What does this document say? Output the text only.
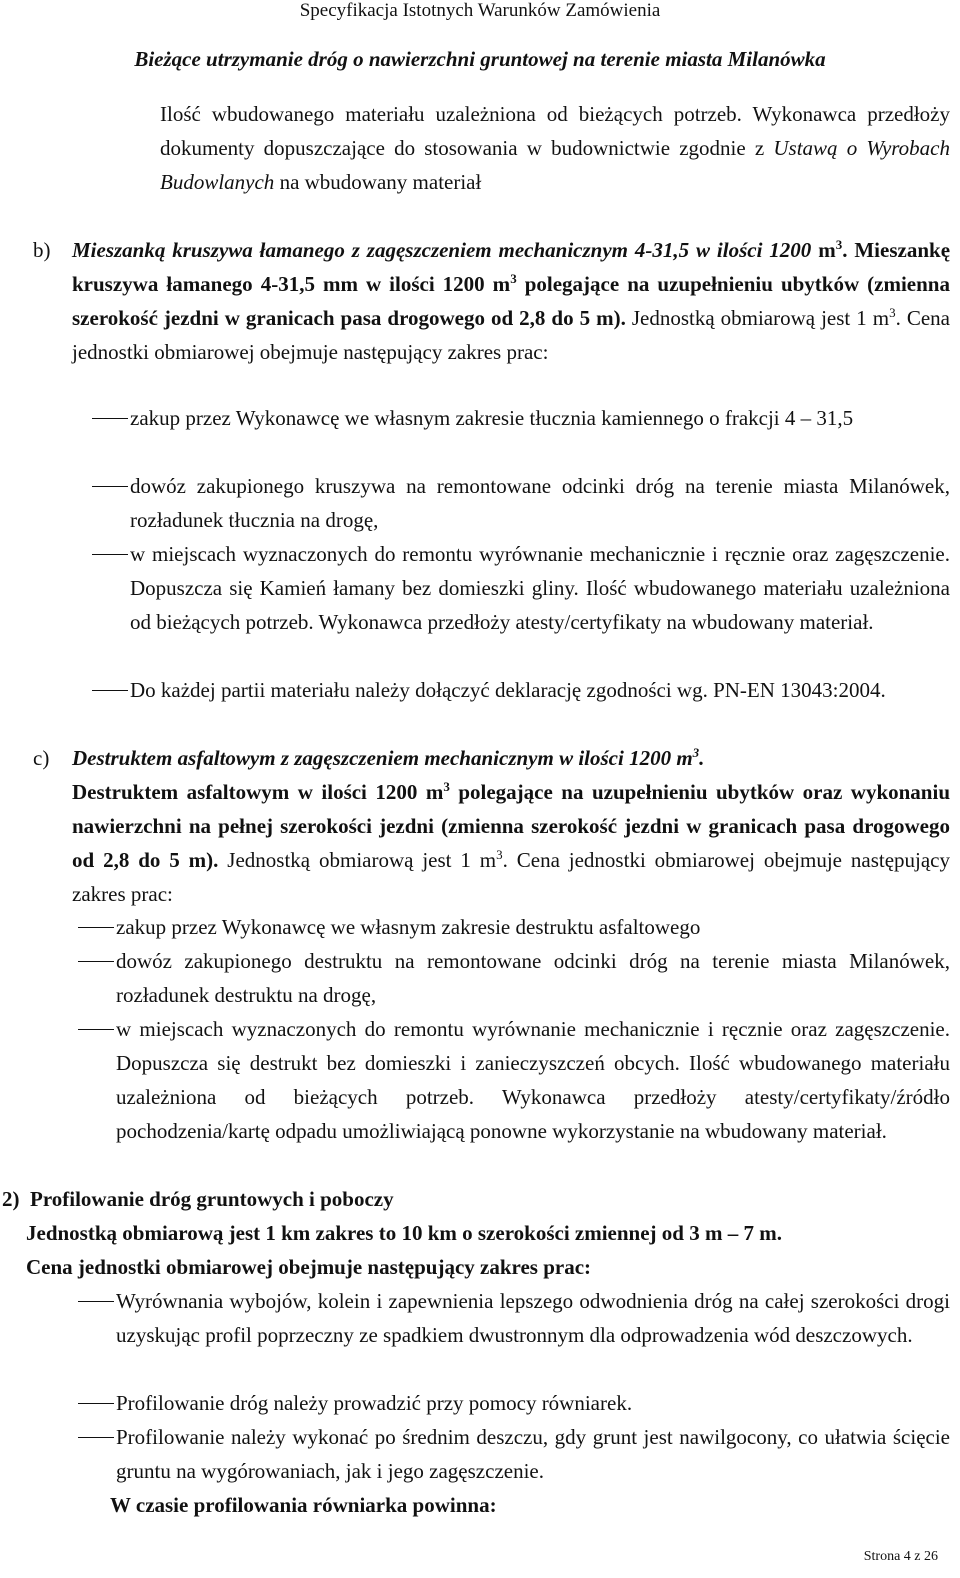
Specyfikacja Istotnych Warunków Zamówienia
Bieżące utrzymanie dróg o nawierzchni gruntowej na terenie miasta Milanówka

Ilość wbudowanego materiału uzależniona od bieżących potrzeb. Wykonawca przedłoży dokumenty dopuszczające do stosowania w budownictwie zgodnie z Ustawą o Wyrobach Budowlanych na wbudowany materiał

b) Mieszanką kruszywa łamanego z zagęszczeniem mechanicznym 4-31,5 w ilości 1200 $m^3$. Mieszankę kruszywa łamanego 4-31,5 mm w ilości 1200 $m^3$ polegające na uzupełnieniu ubytków (zmienna szerokość jezdni w granicach pasa drogowego od 2,8 do 5 m). Jednostką obmiarową jest 1 $m^3$. Cena jednostki obmiarowej obejmuje następujący zakres prac:

zakup przez Wykonawcę we własnym zakresie tłucznia kamiennego o frakcji 4 – 31,5

dowóz zakupionego kruszywa na remontowane odcinki dróg na terenie miasta Milanówek, rozładunek tłucznia na drogę,

w miejscach wyznaczonych do remontu wyrównanie mechanicznie i ręcznie oraz zagęszczenie. Dopuszcza się Kamień łamany bez domieszki gliny. Ilość wbudowanego materiału uzależniona od bieżących potrzeb. Wykonawca przedłoży atesty/certyfikaty na wbudowany materiał.

Do każdej partii materiału należy dołączyć deklarację zgodności wg. PN-EN 13043:2004.

c) Destruktem asfaltowym z zagęszczeniem mechanicznym w ilości 1200 $m^3$.

Destruktem asfaltowym w ilości 1200 $m^3$ polegające na uzupełnieniu ubytków oraz wykonaniu nawierzchni na pełnej szerokości jezdni (zmienna szerokość jezdni w granicach pasa drogowego od 2,8 do 5 m). Jednostką obmiarową jest 1 $m^3$. Cena jednostki obmiarowej obejmuje następujący zakres prac:

zakup przez Wykonawcę we własnym zakresie destruktu asfaltowego

dowóz zakupionego destruktu na remontowane odcinki dróg na terenie miasta Milanówek, rozładunek destruktu na drogę,

w miejscach wyznaczonych do remontu wyrównanie mechanicznie i ręcznie oraz zagęszczenie. Dopuszcza się destrukt bez domieszki i zanieczyszczeń obcych. Ilość wbudowanego materiału uzależniona od bieżących potrzeb. Wykonawca przedłoży atesty/certyfikaty/źródło pochodzenia/kartę odpadu umożliwiającą ponowne wykorzystanie na wbudowany materiał.

2) Profilowanie dróg gruntowych i poboczy

Jednostką obmiarową jest 1 km zakres to 10 km o szerokości zmiennej od 3 m – 7 m.

Cena jednostki obmiarowej obejmuje następujący zakres prac:

Wyrównania wybojów, kolein i zapewnienia lepszego odwodnienia dróg na całej szerokości drogi uzyskując profil poprzeczny ze spadkiem dwustronnym dla odprowadzenia wód deszczowych.

Profilowanie dróg należy prowadzić przy pomocy równiarek.

Profilowanie należy wykonać po średnim deszczu, gdy grunt jest nawilgocony, co ułatwia ścięcie gruntu na wygórowaniach, jak i jego zagęszczenie.

W czasie profilowania równiarka powinna:

Strona 4 z 26
